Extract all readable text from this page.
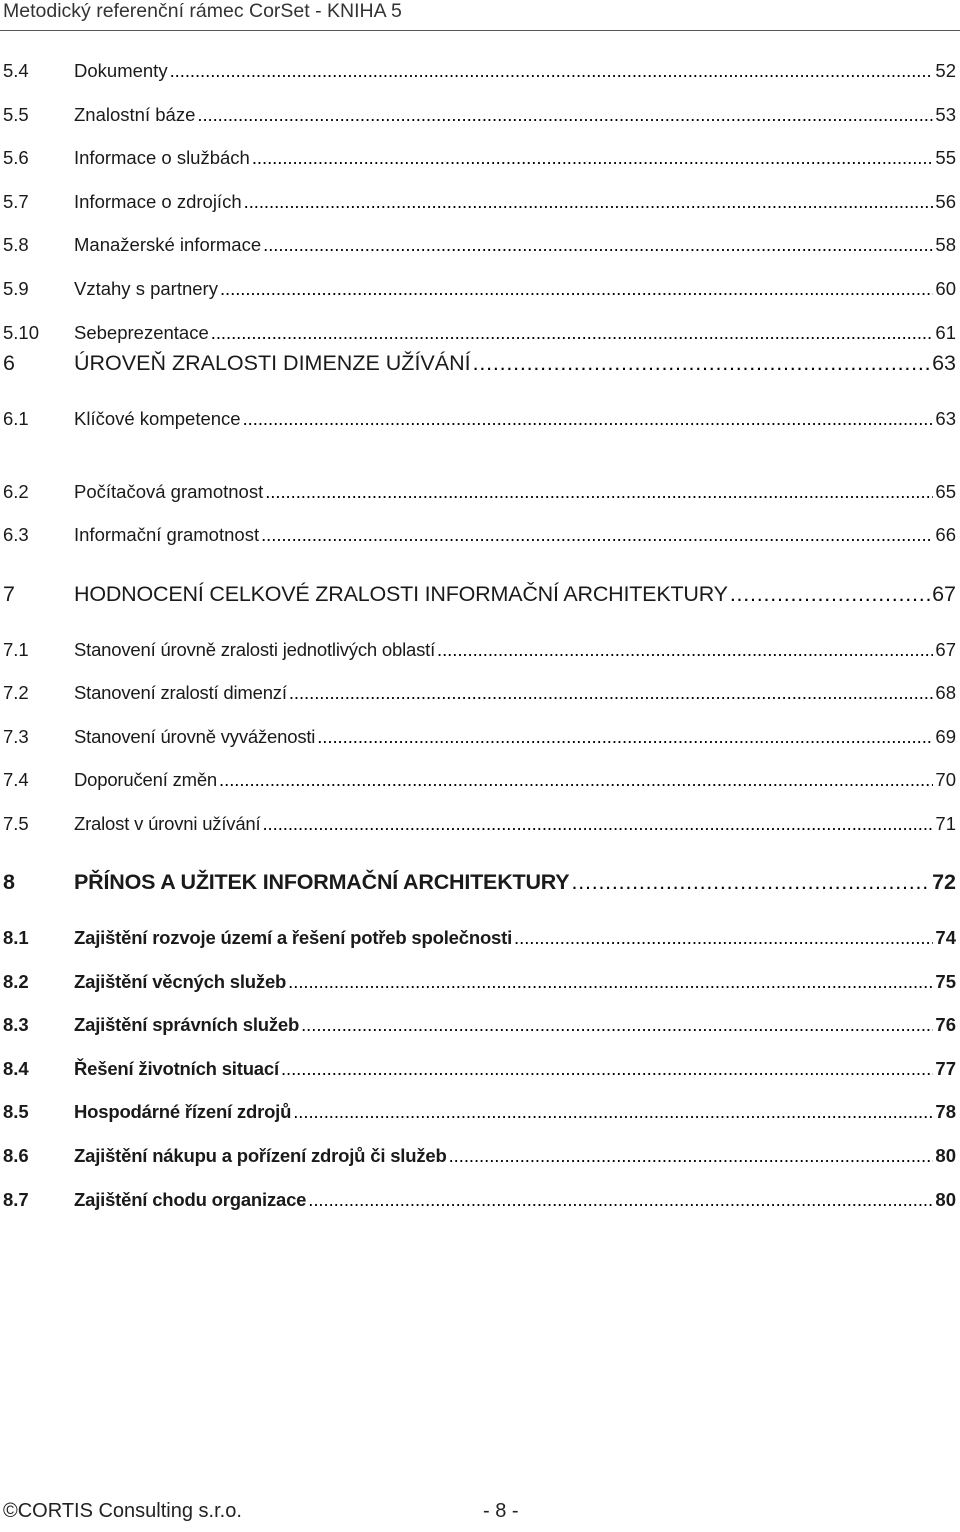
Metodický referenční rámec CorSet - KNIHA 5
5.4	Dokumenty . . .	52
5.5	Znalostní báze . . .	53
5.6	Informace o službách . . .	55
5.7	Informace o zdrojích . . .	56
5.8	Manažerské informace . . .	58
5.9	Vztahy s partnery . . .	60
5.10	Sebeprezentace . . .	61
6	ÚROVEŇ ZRALOSTI DIMENZE UŽÍVÁNÍ . . .	63
6.1	Klíčové kompetence . . .	63
6.2	Počítačová gramotnost . . .	65
6.3	Informační gramotnost . . .	66
7	HODNOCENÍ CELKOVÉ ZRALOSTI INFORMAČNÍ ARCHITEKTURY . . .	67
7.1	Stanovení úrovně zralosti jednotlivých oblastí . . .	67
7.2	Stanovení zralostí dimenzí . . .	68
7.3	Stanovení úrovně vyváženosti . . .	69
7.4	Doporučení změn . . .	70
7.5	Zralost v úrovni užívání . . .	71
8	PŘÍNOS A UŽITEK INFORMAČNÍ ARCHITEKTURY . . .	72
8.1	Zajištění rozvoje území a řešení potřeb společnosti . . .	74
8.2	Zajištění věcných služeb . . .	75
8.3	Zajištění správních služeb . . .	76
8.4	Řešení životních situací . . .	77
8.5	Hospodárné řízení zdrojů . . .	78
8.6	Zajištění nákupu a pořízení zdrojů či služeb . . .	80
8.7	Zajištění chodu organizace . . .	80
©CORTIS Consulting s.r.o.	- 8 -
